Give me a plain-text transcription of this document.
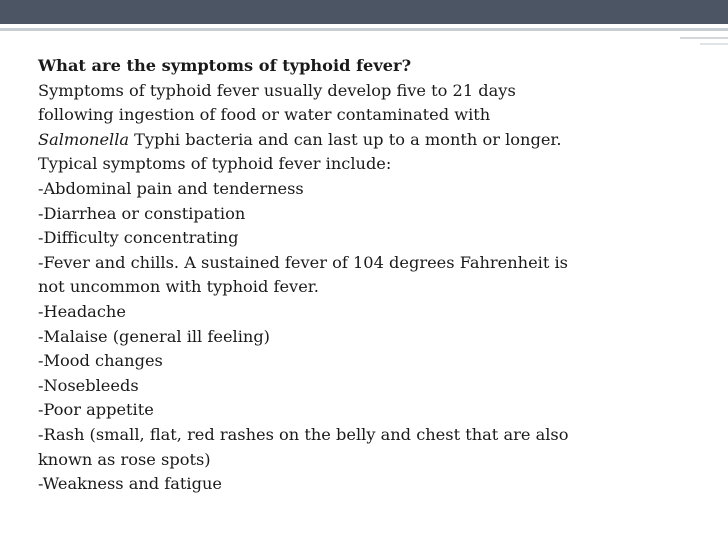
What are the symptoms of typhoid fever?
Symptoms of typhoid fever usually develop five to 21 days
following ingestion of food or water contaminated with
Salmonella Typhi bacteria and can last up to a month or longer.
Typical symptoms of typhoid fever include:
-Abdominal pain and tenderness
-Diarrhea or constipation
-Difficulty concentrating
-Fever and chills. A sustained fever of 104 degrees Fahrenheit is
not uncommon with typhoid fever.
-Headache
-Malaise (general ill feeling)
-Mood changes
-Nosebleeds
-Poor appetite
-Rash (small, flat, red rashes on the belly and chest that are also
known as rose spots)
-Weakness and fatigue
